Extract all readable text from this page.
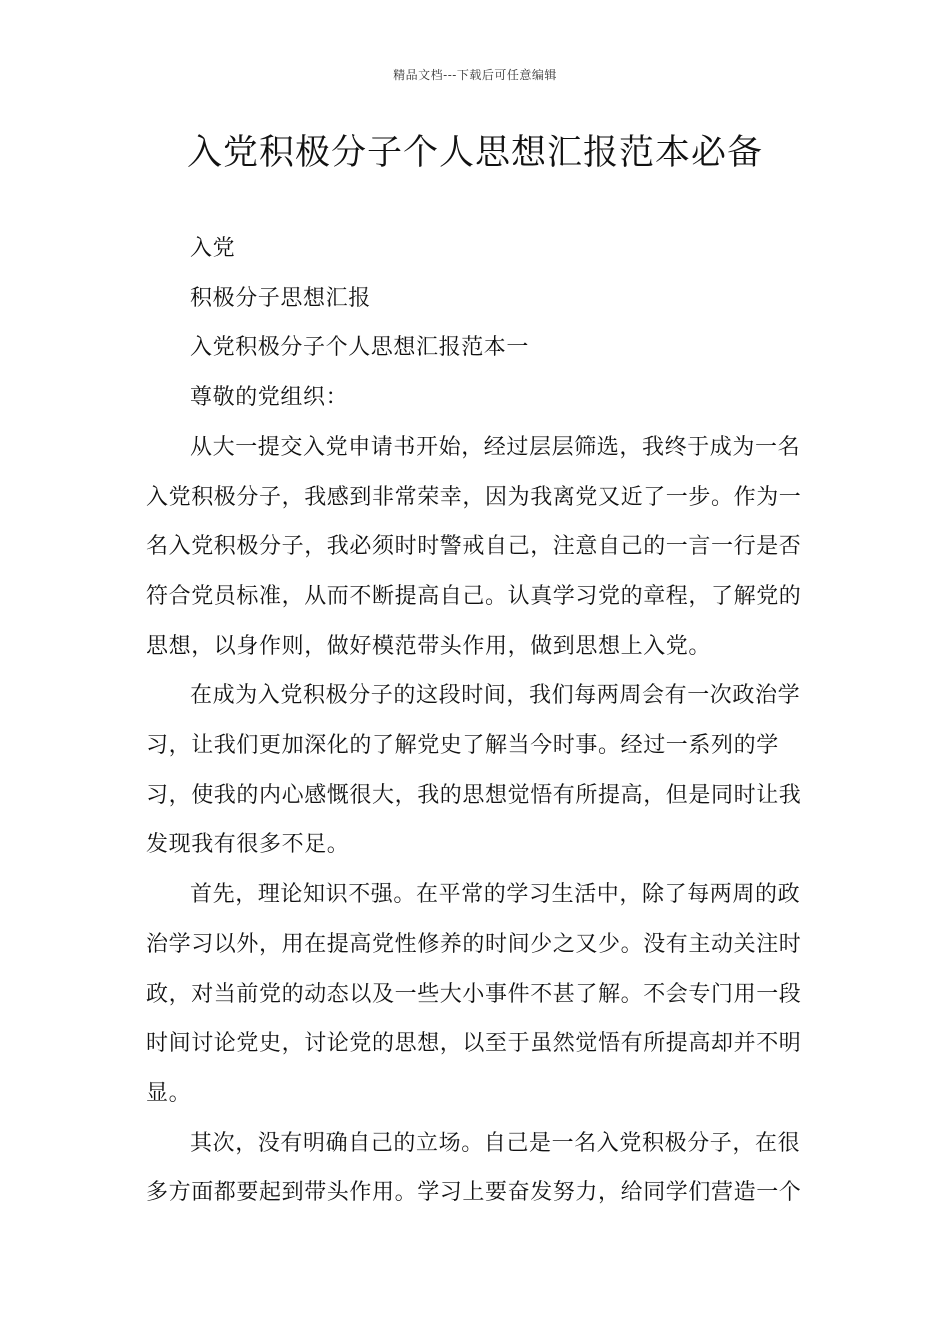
精品文档---下载后可任意编辑
入党积极分子个人思想汇报范本必备

入党

积极分子思想汇报

入党积极分子个人思想汇报范本一

尊敬的党组织：

从大一提交入党申请书开始，经过层层筛选，我终于成为一名入党积极分子，我感到非常荣幸，因为我离党又近了一步。作为一名入党积极分子，我必须时时警戒自己，注意自己的一言一行是否符合党员标准，从而不断提高自己。认真学习党的章程，了解党的思想，以身作则，做好模范带头作用，做到思想上入党。

在成为入党积极分子的这段时间，我们每两周会有一次政治学习，让我们更加深化的了解党史了解当今时事。经过一系列的学习，使我的内心感慨很大，我的思想觉悟有所提高，但是同时让我发现我有很多不足。

首先，理论知识不强。在平常的学习生活中，除了每两周的政治学习以外，用在提高党性修养的时间少之又少。没有主动关注时政，对当前党的动态以及一些大小事件不甚了解。不会专门用一段时间讨论党史，讨论党的思想，以至于虽然觉悟有所提高却并不明显。

其次，没有明确自己的立场。自己是一名入党积极分子，在很多方面都要起到带头作用。学习上要奋发努力，给同学们营造一个
